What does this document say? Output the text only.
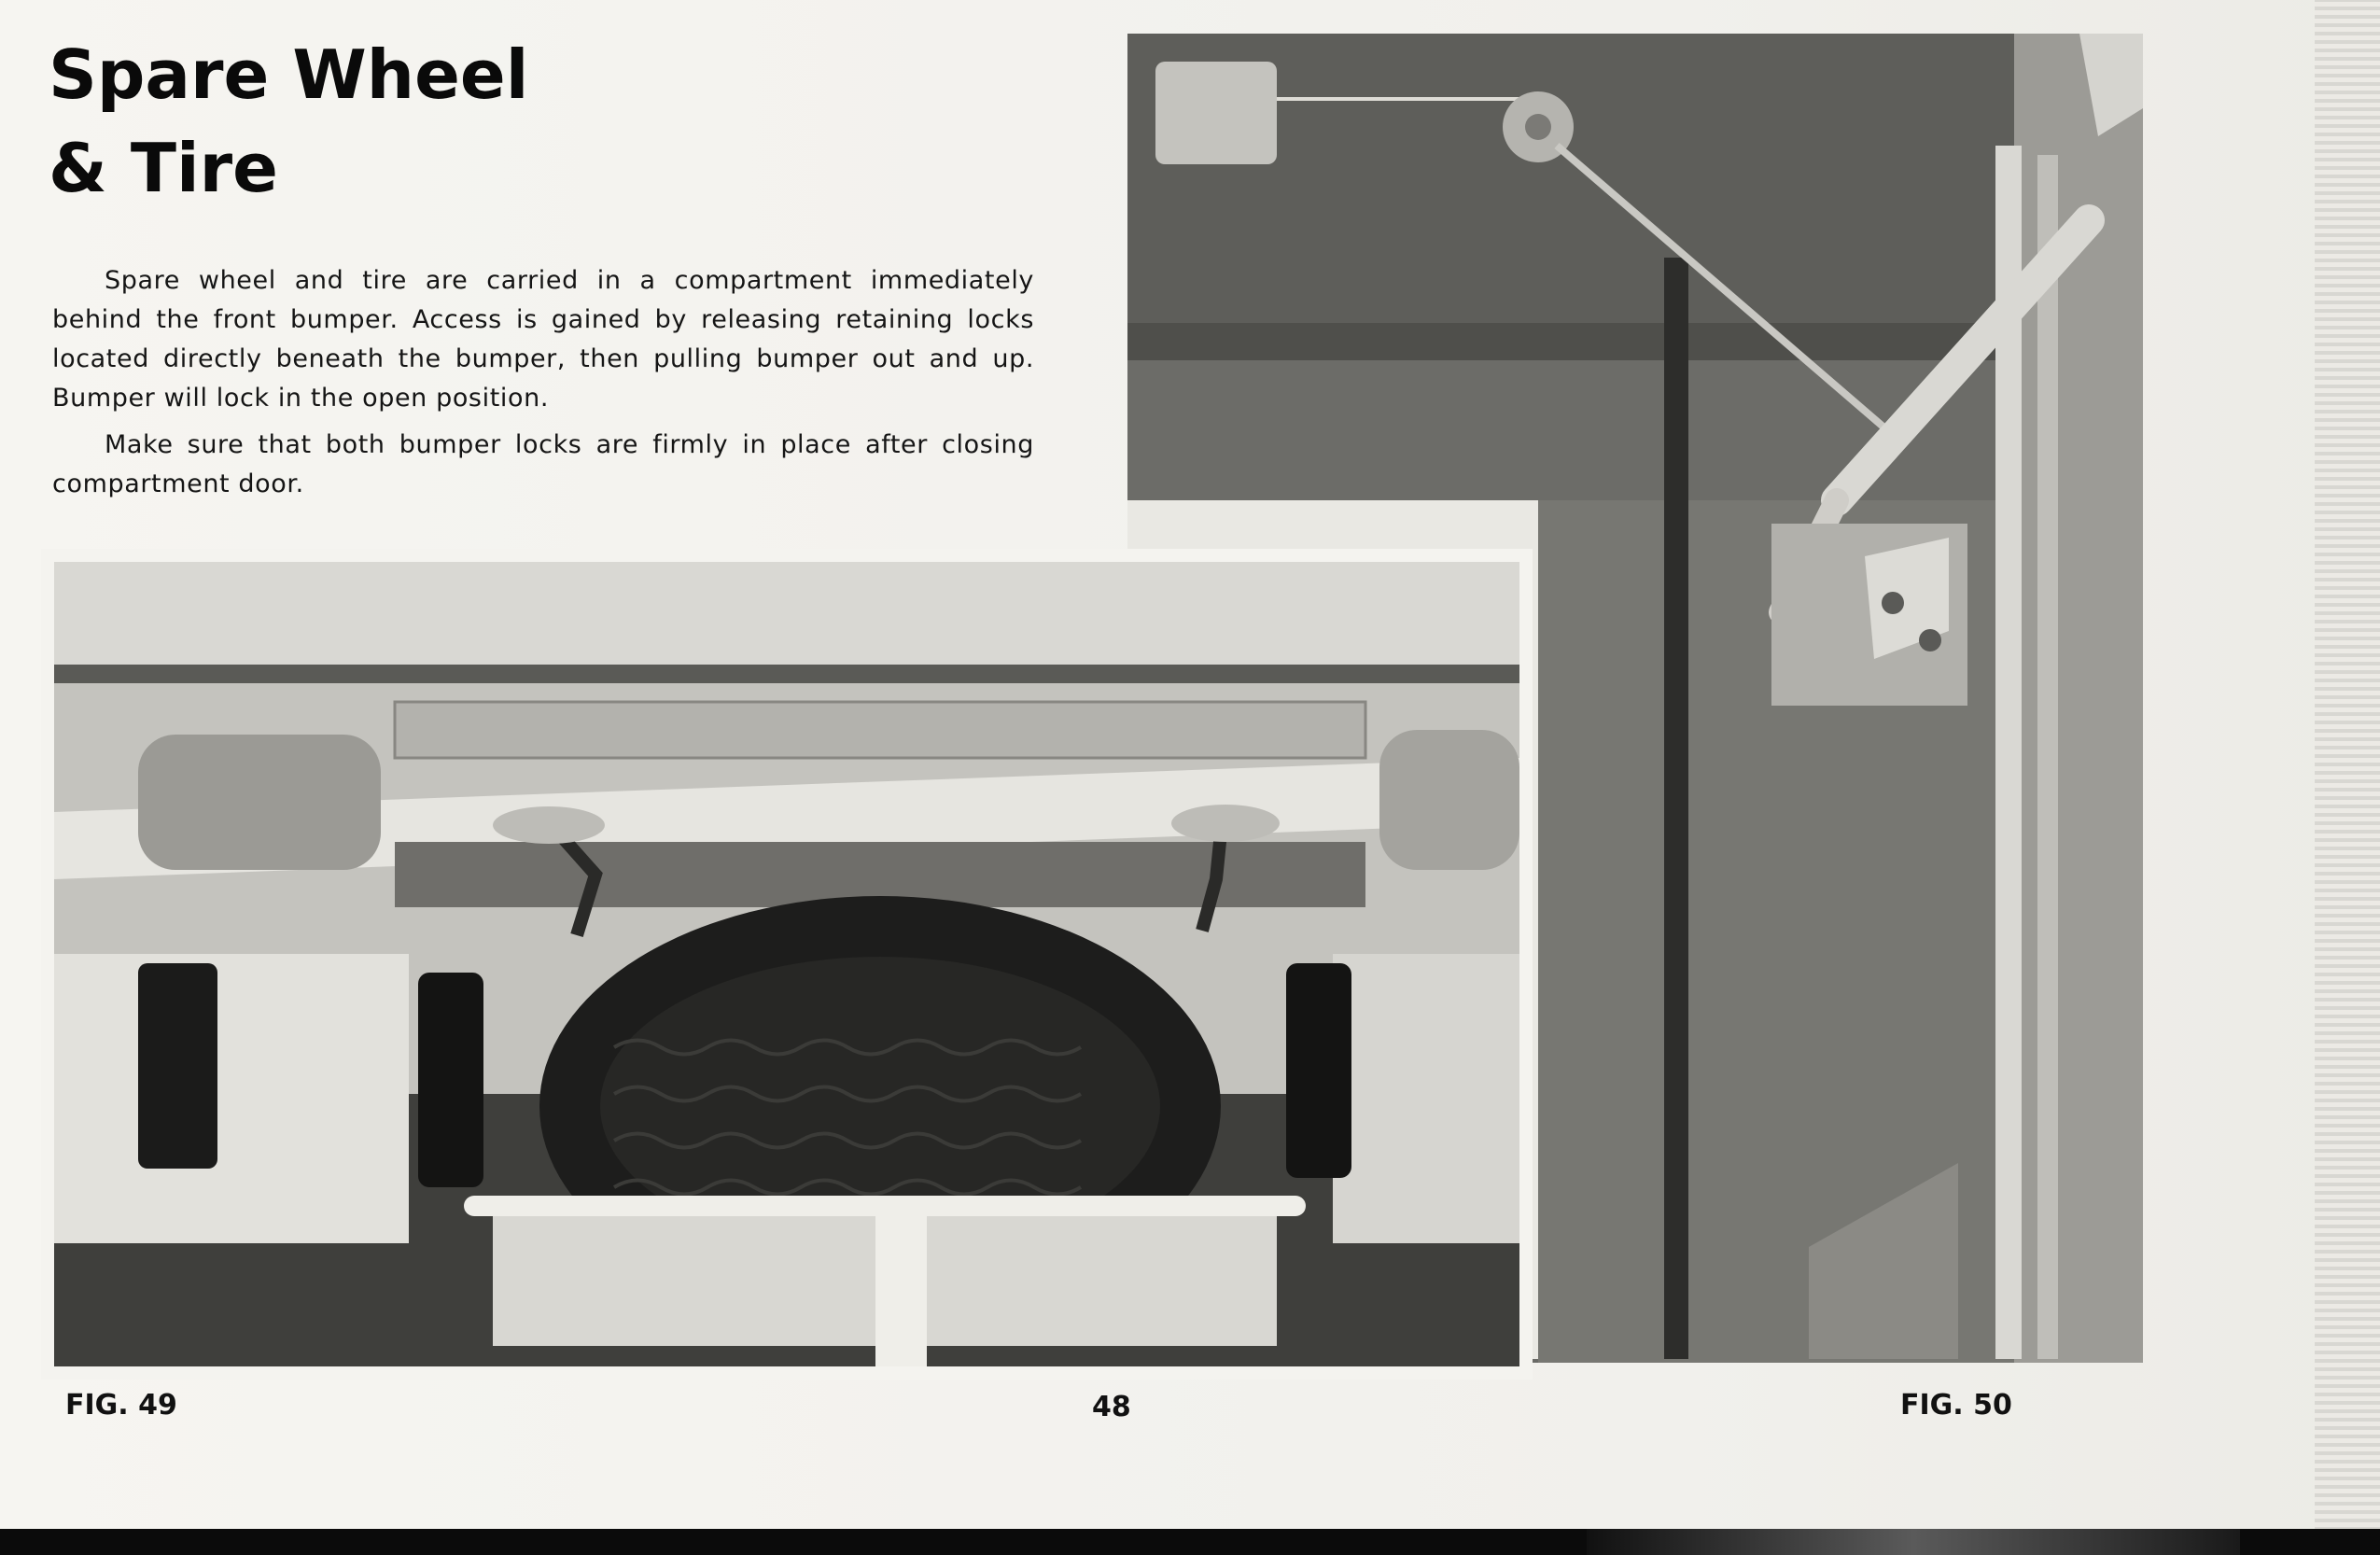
Spare Wheel
& Tire

Spare wheel and tire are carried in a compartment immediately behind the front bumper. Access is gained by releasing retaining locks located directly beneath the bumper, then pulling bumper out and up. Bumper will lock in the open position.

Make sure that both bumper locks are firmly in place after closing compartment door.

FIG. 49	48	FIG. 50
